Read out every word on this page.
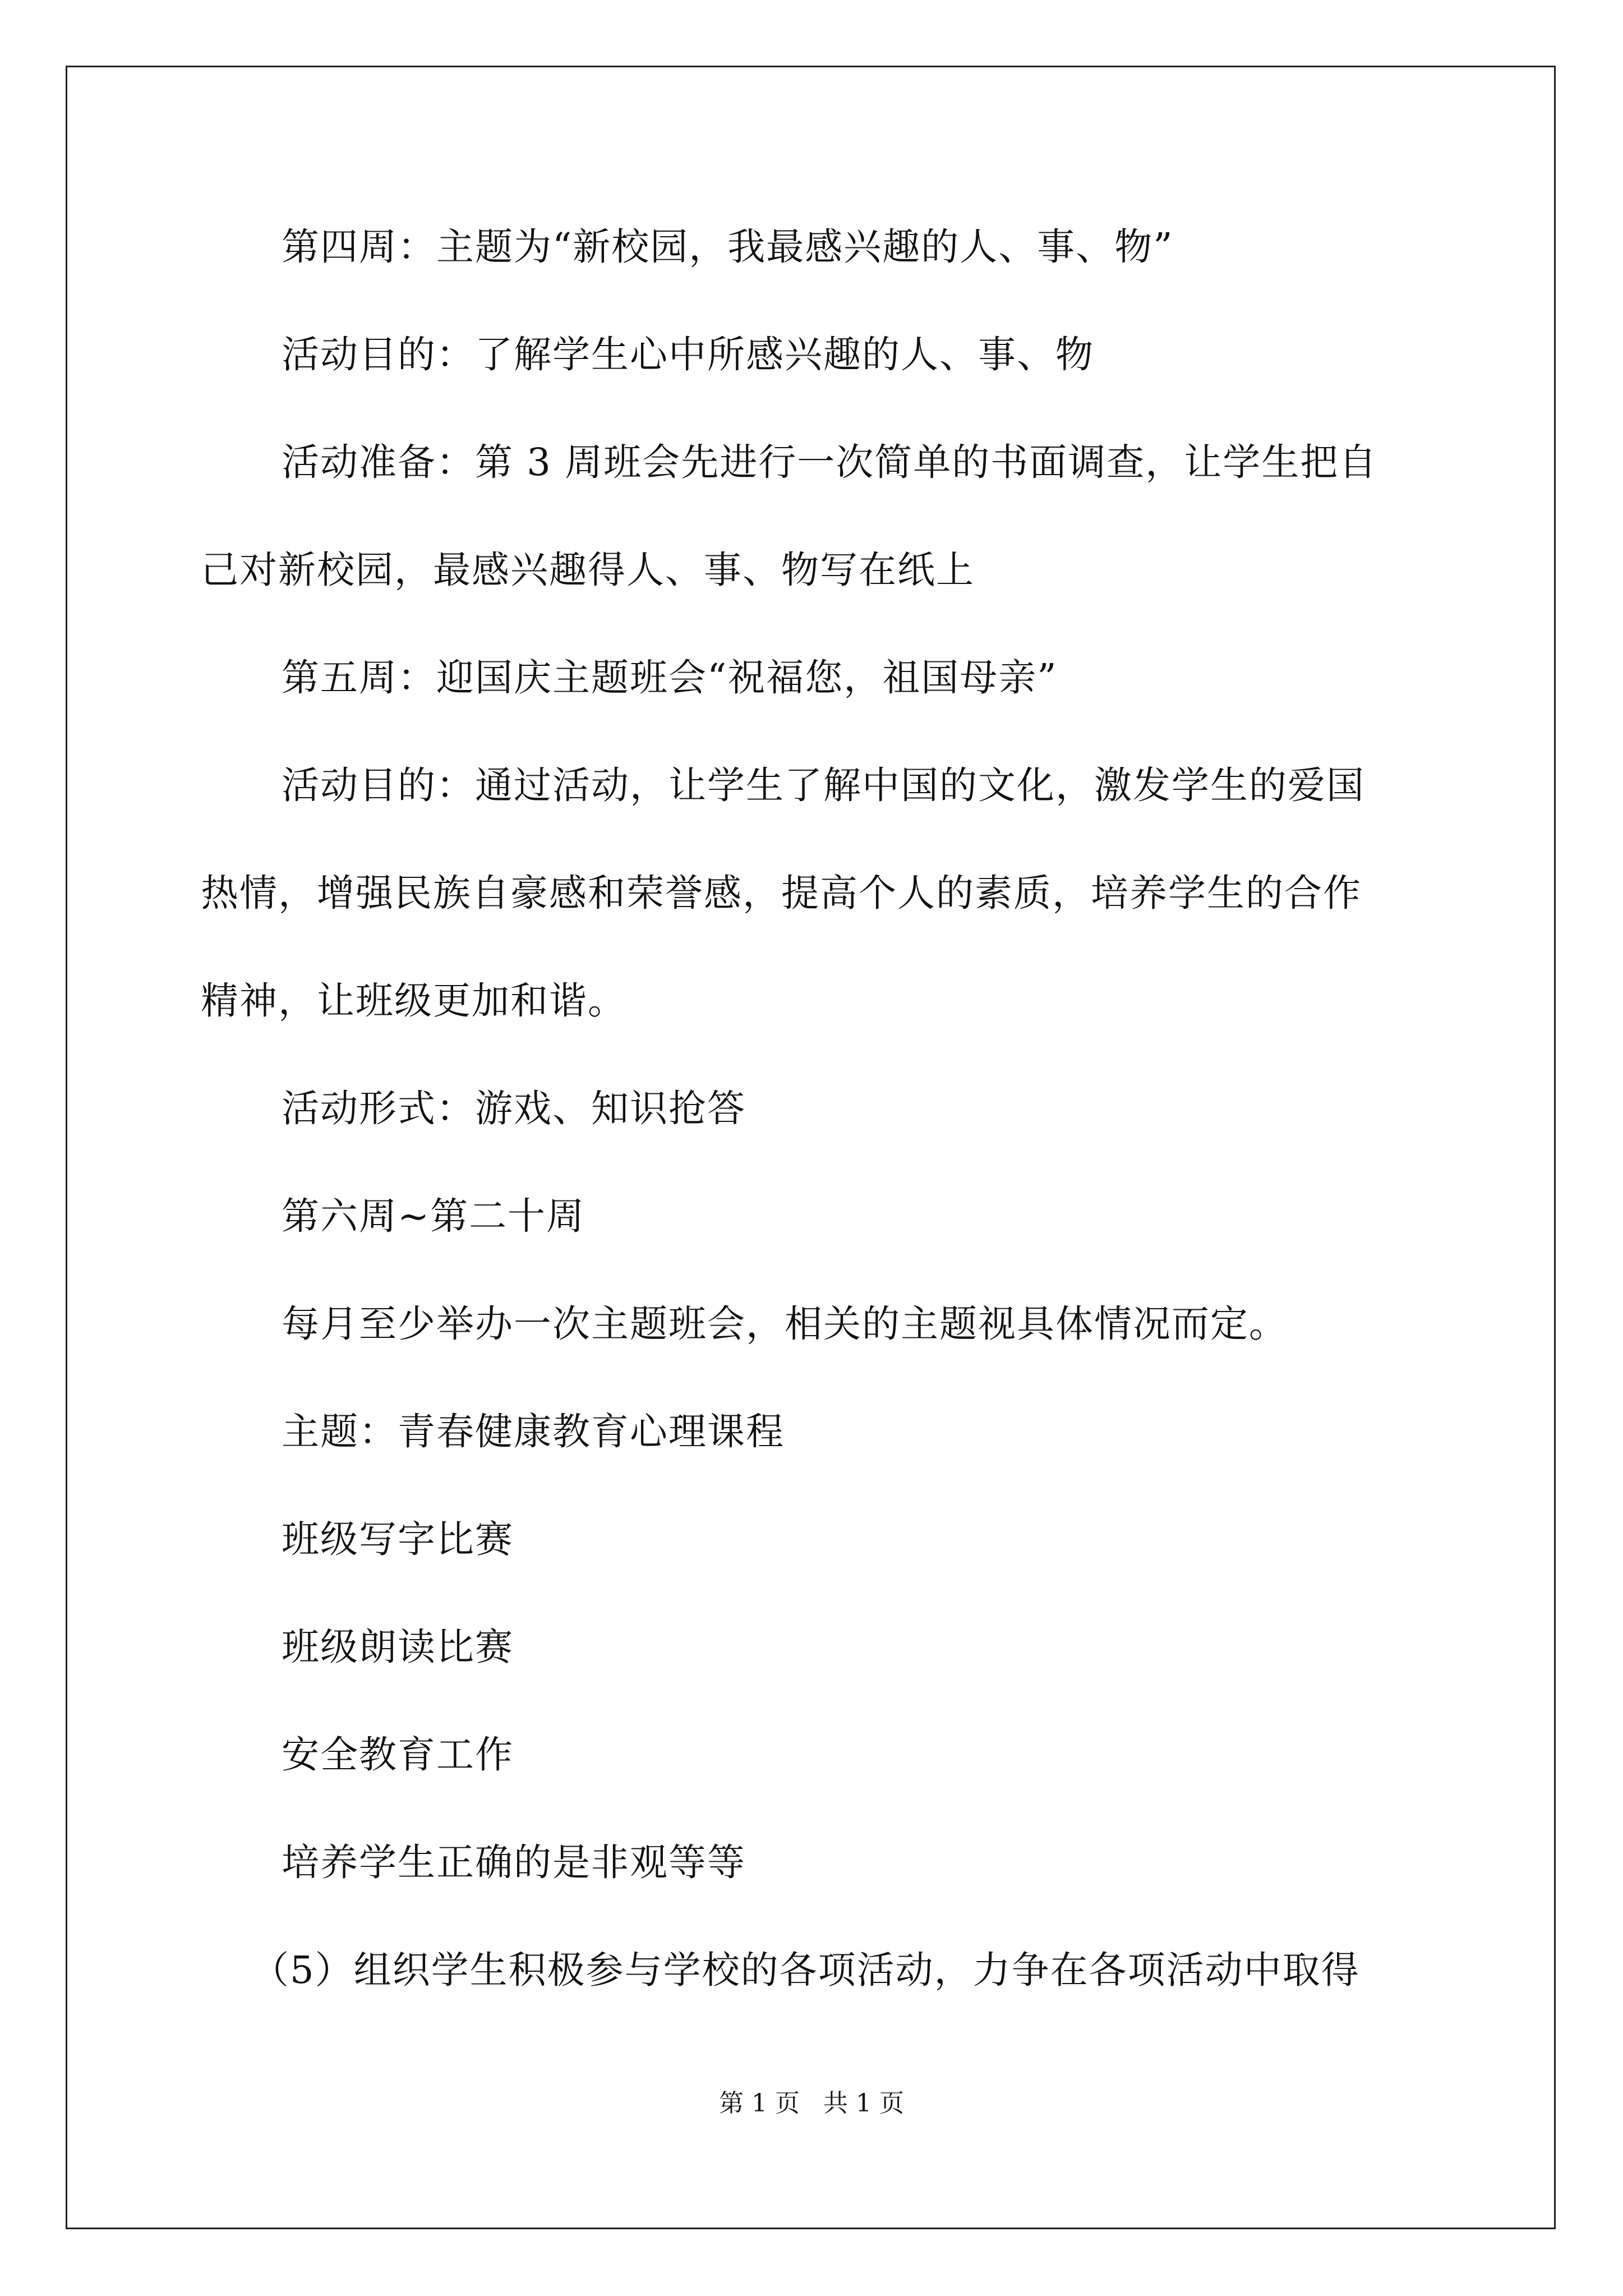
第四周：主题为“新校园，我最感兴趣的人、事、物”
活动目的：了解学生心中所感兴趣的人、事、物
活动准备：第 3 周班会先进行一次简单的书面调查，让学生把自
己对新校园，最感兴趣得人、事、物写在纸上
第五周：迎国庆主题班会“祝福您，祖国母亲”
活动目的：通过活动，让学生了解中国的文化，激发学生的爱国
热情，增强民族自豪感和荣誉感，提高个人的素质，培养学生的合作
精神，让班级更加和谐。
活动形式：游戏、知识抢答
第六周~第二十周
每月至少举办一次主题班会，相关的主题视具体情况而定。
主题：青春健康教育心理课程
班级写字比赛
班级朗读比赛
安全教育工作
培养学生正确的是非观等等
（5）组织学生积极参与学校的各项活动，力争在各项活动中取得
第 1 页 共 1 页
